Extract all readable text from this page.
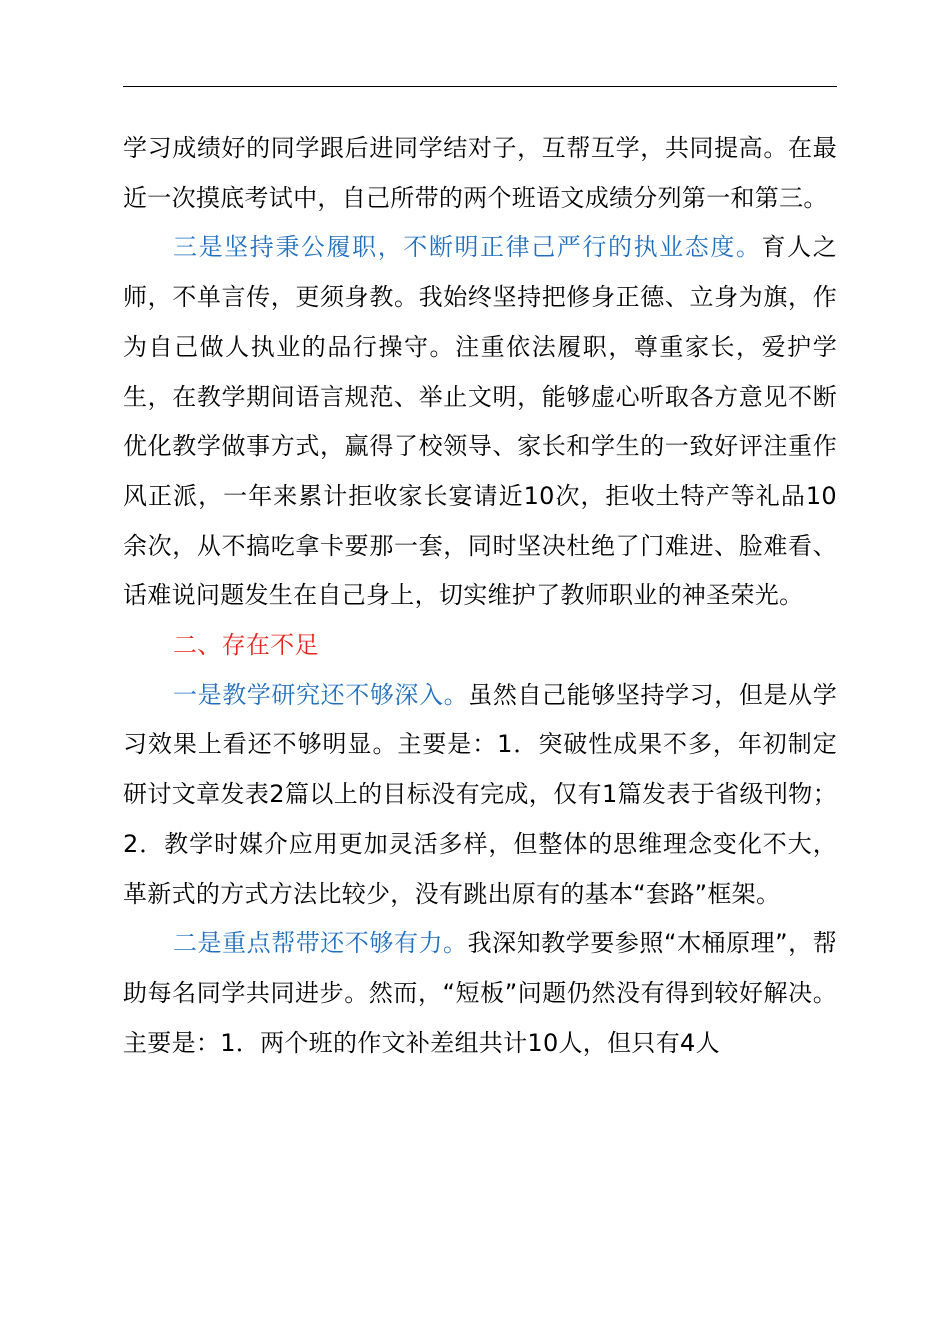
学习成绩好的同学跟后进同学结对子，互帮互学，共同提高。在最近一次摸底考试中，自己所带的两个班语文成绩分列第一和第三。

三是坚持秉公履职，不断明正律己严行的执业态度。育人之师，不单言传，更须身教。我始终坚持把修身正德、立身为旗，作为自己做人执业的品行操守。注重依法履职，尊重家长，爱护学生，在教学期间语言规范、举止文明，能够虚心听取各方意见不断优化教学做事方式，赢得了校领导、家长和学生的一致好评注重作风正派，一年来累计拒收家长宴请近10次，拒收土特产等礼品10余次，从不搞吃拿卡要那一套，同时坚决杜绝了门难进、脸难看、话难说问题发生在自己身上，切实维护了教师职业的神圣荣光。

二、存在不足

一是教学研究还不够深入。虽然自己能够坚持学习，但是从学习效果上看还不够明显。主要是：1．突破性成果不多，年初制定研讨文章发表2篇以上的目标没有完成，仅有1篇发表于省级刊物；2．教学时媒介应用更加灵活多样，但整体的思维理念变化不大，革新式的方式方法比较少，没有跳出原有的基本“套路”框架。

二是重点帮带还不够有力。我深知教学要参照“木桶原理”，帮助每名同学共同进步。然而，“短板”问题仍然没有得到较好解决。主要是：1．两个班的作文补差组共计10人，但只有4人
